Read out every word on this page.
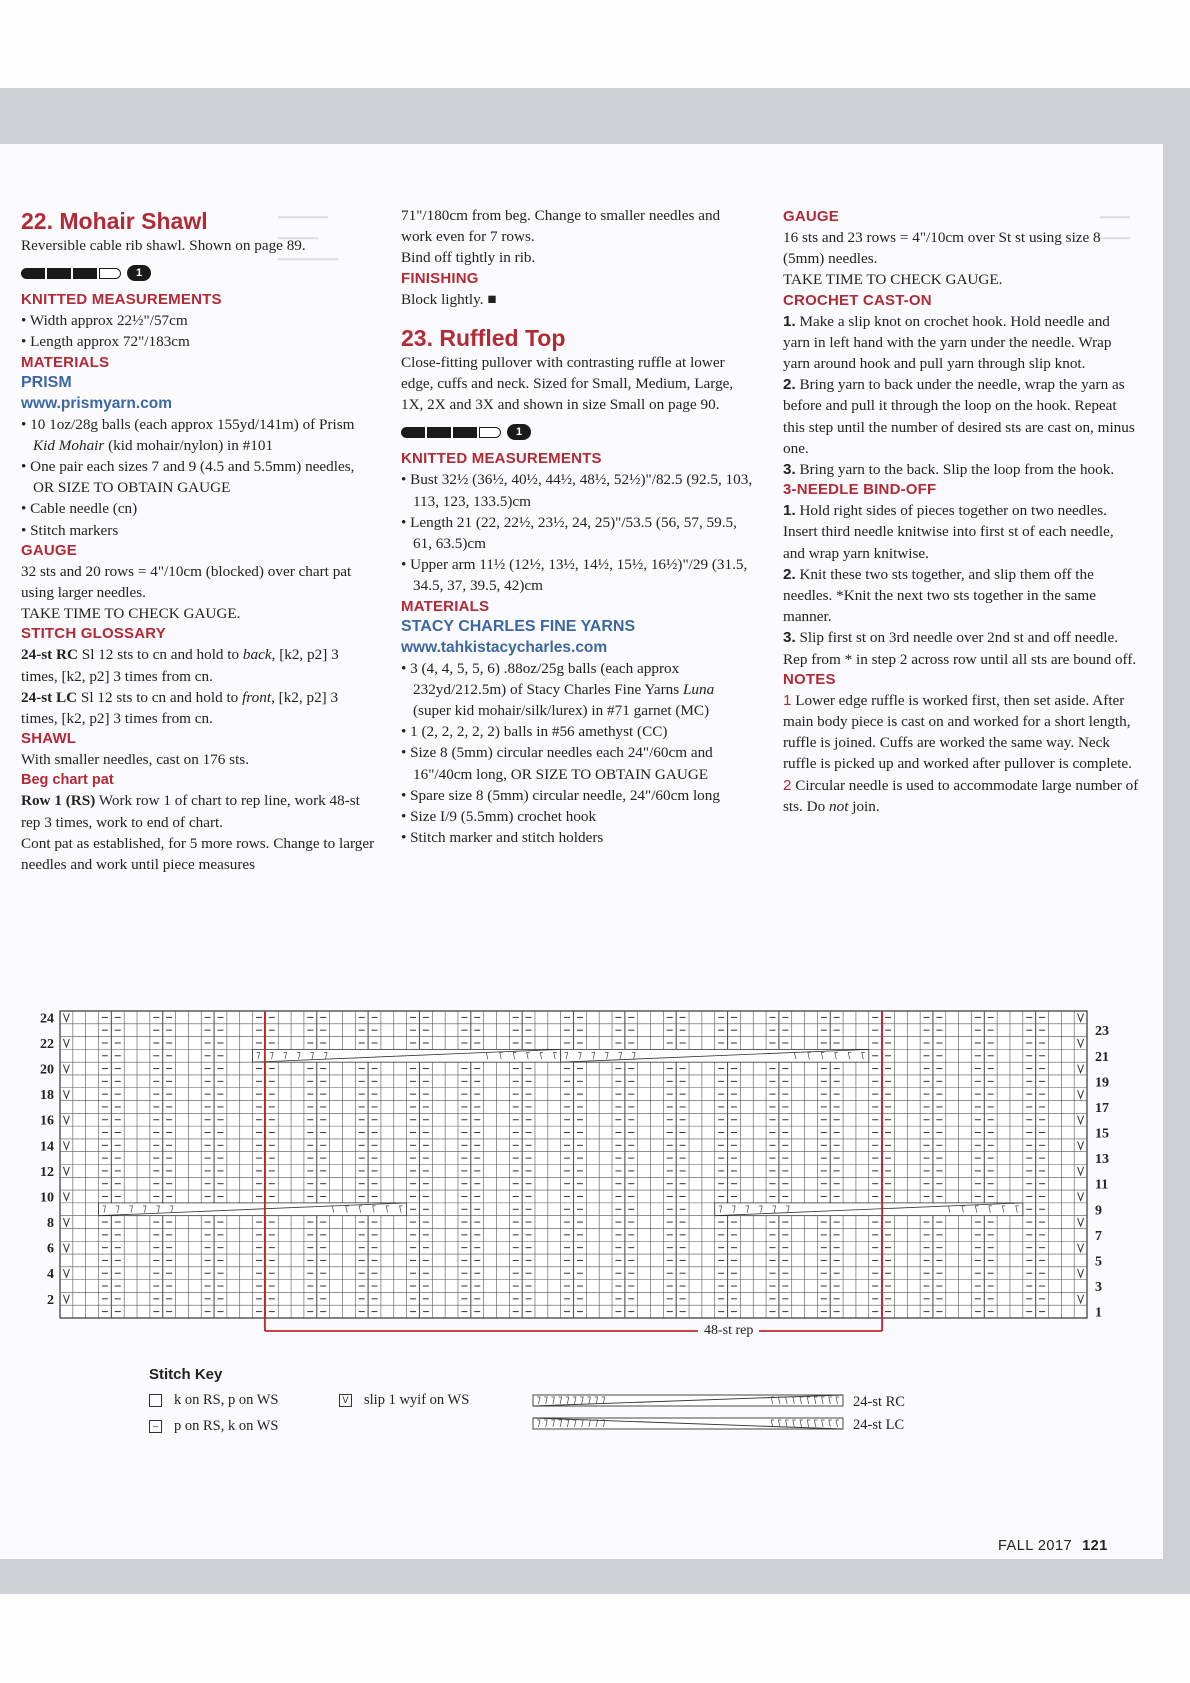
▁▁▁▁▁
▁▁▁▁
▁▁▁▁▁▁
▁▁▁
▁▁▁

22. Mohair Shawl

Reversible cable rib shawl. Shown on page 89.

1

KNITTED MEASUREMENTS

• Width approx 22½"/57cm

• Length approx 72"/183cm

MATERIALS

PRISM

www.prismyarn.com

• 10 1oz/28g balls (each approx 155yd/141m) of Prism Kid Mohair (kid mohair/nylon) in #101

• One pair each sizes 7 and 9 (4.5 and 5.5mm) needles, OR SIZE TO OBTAIN GAUGE

• Cable needle (cn)

• Stitch markers

GAUGE

32 sts and 20 rows = 4"/10cm (blocked) over chart pat using larger needles.

TAKE TIME TO CHECK GAUGE.

STITCH GLOSSARY

24-st RC Sl 12 sts to cn and hold to back, [k2, p2] 3 times, [k2, p2] 3 times from cn.

24-st LC Sl 12 sts to cn and hold to front, [k2, p2] 3 times, [k2, p2] 3 times from cn.

SHAWL

With smaller needles, cast on 176 sts.

Beg chart pat

Row 1 (RS) Work row 1 of chart to rep line, work 48-st rep 3 times, work to end of chart.

Cont pat as established, for 5 more rows. Change to larger needles and work until piece measures

71"/180cm from beg. Change to smaller needles and work even for 7 rows.

Bind off tightly in rib.

FINISHING

Block lightly. ■

23. Ruffled Top

Close-fitting pullover with contrasting ruffle at lower edge, cuffs and neck. Sized for Small, Medium, Large, 1X, 2X and 3X and shown in size Small on page 90.

1

KNITTED MEASUREMENTS

• Bust 32½ (36½, 40½, 44½, 48½, 52½)"/82.5 (92.5, 103, 113, 123, 133.5)cm

• Length 21 (22, 22½, 23½, 24, 25)"/53.5 (56, 57, 59.5, 61, 63.5)cm

• Upper arm 11½ (12½, 13½, 14½, 15½, 16½)"/29 (31.5, 34.5, 37, 39.5, 42)cm

MATERIALS

STACY CHARLES FINE YARNS

www.tahkistacycharles.com

• 3 (4, 4, 5, 5, 6) .88oz/25g balls (each approx 232yd/212.5m) of Stacy Charles Fine Yarns Luna (super kid mohair/silk/lurex) in #71 garnet (MC)

• 1 (2, 2, 2, 2, 2) balls in #56 amethyst (CC)

• Size 8 (5mm) circular needles each 24"/60cm and 16"/40cm long, OR SIZE TO OBTAIN GAUGE

• Spare size 8 (5mm) circular needle, 24"/60cm long

• Size I/9 (5.5mm) crochet hook

• Stitch marker and stitch holders

GAUGE

16 sts and 23 rows = 4"/10cm over St st using size 8 (5mm) needles.

TAKE TIME TO CHECK GAUGE.

CROCHET CAST-ON

1. Make a slip knot on crochet hook. Hold needle and yarn in left hand with the yarn under the needle. Wrap yarn around hook and pull yarn through slip knot.

2. Bring yarn to back under the needle, wrap the yarn as before and pull it through the loop on the hook. Repeat this step until the number of desired sts are cast on, minus one.

3. Bring yarn to the back. Slip the loop from the hook.

3-NEEDLE BIND-OFF

1. Hold right sides of pieces together on two needles. Insert third needle knitwise into first st of each needle, and wrap yarn knitwise.

2. Knit these two sts together, and slip them off the needles. *Knit the next two sts together in the same manner.

3. Slip first st on 3rd needle over 2nd st and off needle. Rep from * in step 2 across row until all sts are bound off.

NOTES

1 Lower edge ruffle is worked first, then set aside. After main body piece is cast on and worked for a short length, ruffle is joined. Cuffs are worked the same way. Neck ruffle is picked up and worked after pullover is complete.

2 Circular needle is used to accommodate large number of sts. Do not join.

24
22
20
18
16
14
12
10
8
6
4
2
23
21
19
17
15
13
11
9
7
5
3
1
48-st rep
Stitch Key
k on RS, p on WS
– p on RS, k on WS
V slip 1 wyif on WS	24-st RC
24-st LC
FALL 2017 121
